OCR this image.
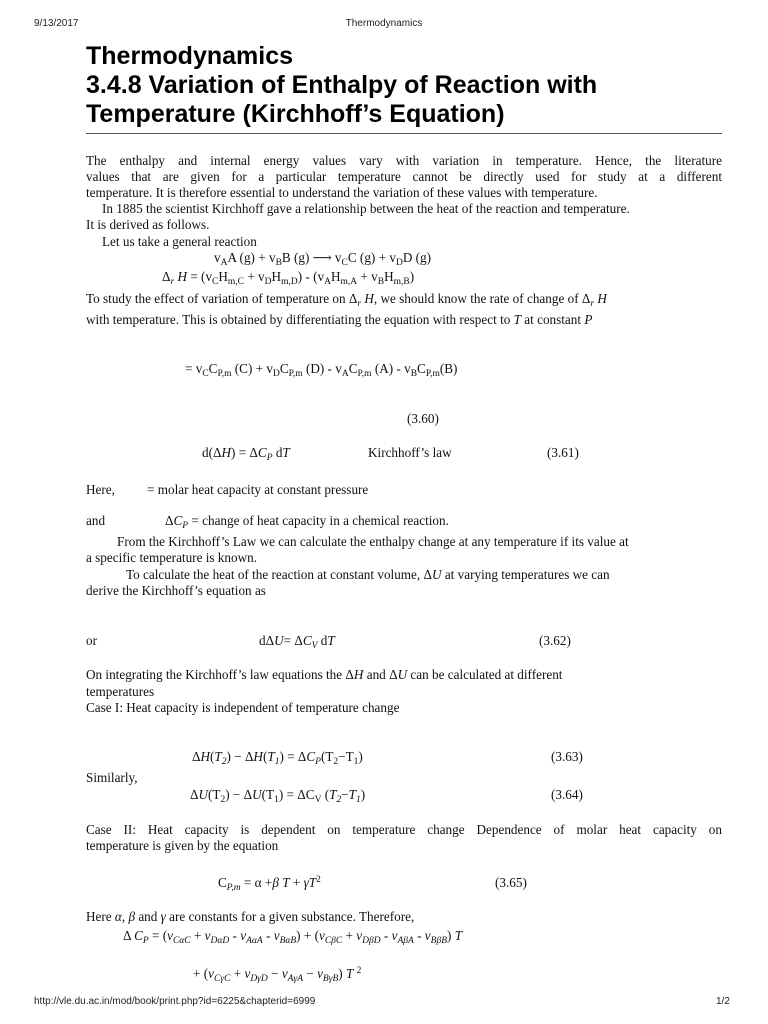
9/13/2017	Thermodynamics
Thermodynamics
3.4.8 Variation of Enthalpy of Reaction with
Temperature (Kirchhoff’s Equation)
The enthalpy and internal energy values vary with variation in temperature. Hence, the literature
values that are given for a particular temperature cannot be directly used for study at a different
temperature. It is therefore essential to understand the variation of these values with temperature.
In 1885 the scientist Kirchhoff gave a relationship between the heat of the reaction and temperature.
It is derived as follows.
Let us take a general reaction
$v_AA$ $(g) + v_BB$ (g) ⟶ $v_CC$ $(g) + v_DD$ (g)
$\Delta_r$ $H = (v_CH_{m,C} + v_DH_{m,D}) - (v_AH_{m,A} + v_BH_{m,B})$
To study the effect of variation of temperature on $\Delta_r$ H, we should know the rate of change of $\Delta_r$ H
with temperature. This is obtained by differentiating the equation with respect to T at constant P
= $v_CC_{P,m}$ $(C) + v_DC_{P,m}$ $(D) - v_AC_{P,m}$ $(A) - v_BC_{P,m}(B)$
(3.60)
$d(\Delta H) = \Delta C_P$ dT	Kirchhoff’s law	(3.61)
Here, = molar heat capacity at constant pressure
and	$\Delta C_P$ = change of heat capacity in a chemical reaction.
From the Kirchhoff’s Law we can calculate the enthalpy change at any temperature if its value at
a specific temperature is known.
To calculate the heat of the reaction at constant volume, ΔU at varying temperatures we can
derive the Kirchhoff’s equation as
or	$d\Delta U= \Delta C_V$ dT	(3.62)
On integrating the Kirchhoff’s law equations the ΔH and ΔU can be calculated at different
temperatures
Case I: Heat capacity is independent of temperature change
$\Delta H(T_2) - \Delta H(T_1) = \Delta C_P(T_2-T_1)$	(3.63)
Similarly,
$\Delta U(T_2) - \Delta U(T_1) = \Delta C_V$ $(T_2-T_1)$	(3.64)
Case II: Heat capacity is dependent on temperature change Dependence of molar heat capacity on
temperature is given by the equation
$C_{P,m} = \alpha +\beta$ $T + \gamma T^2$	(3.65)
Here α, β and γ are constants for a given substance. Therefore,
Δ $C_P = (v_{C\alpha C} + v_{D\alpha D} - v_{A\alpha A} - v_{B\alpha B}) + (v_{C\beta C} + v_{D\beta D} - v_{A\beta A} - v_{B\beta B})$ T
+ $(v_{C\gamma C} + v_{D\gamma D} - v_{A\gamma A} - v_{B\gamma B})$ T $^2$
http://vle.du.ac.in/mod/book/print.php?id=6225&chapterid=6999	1/2
